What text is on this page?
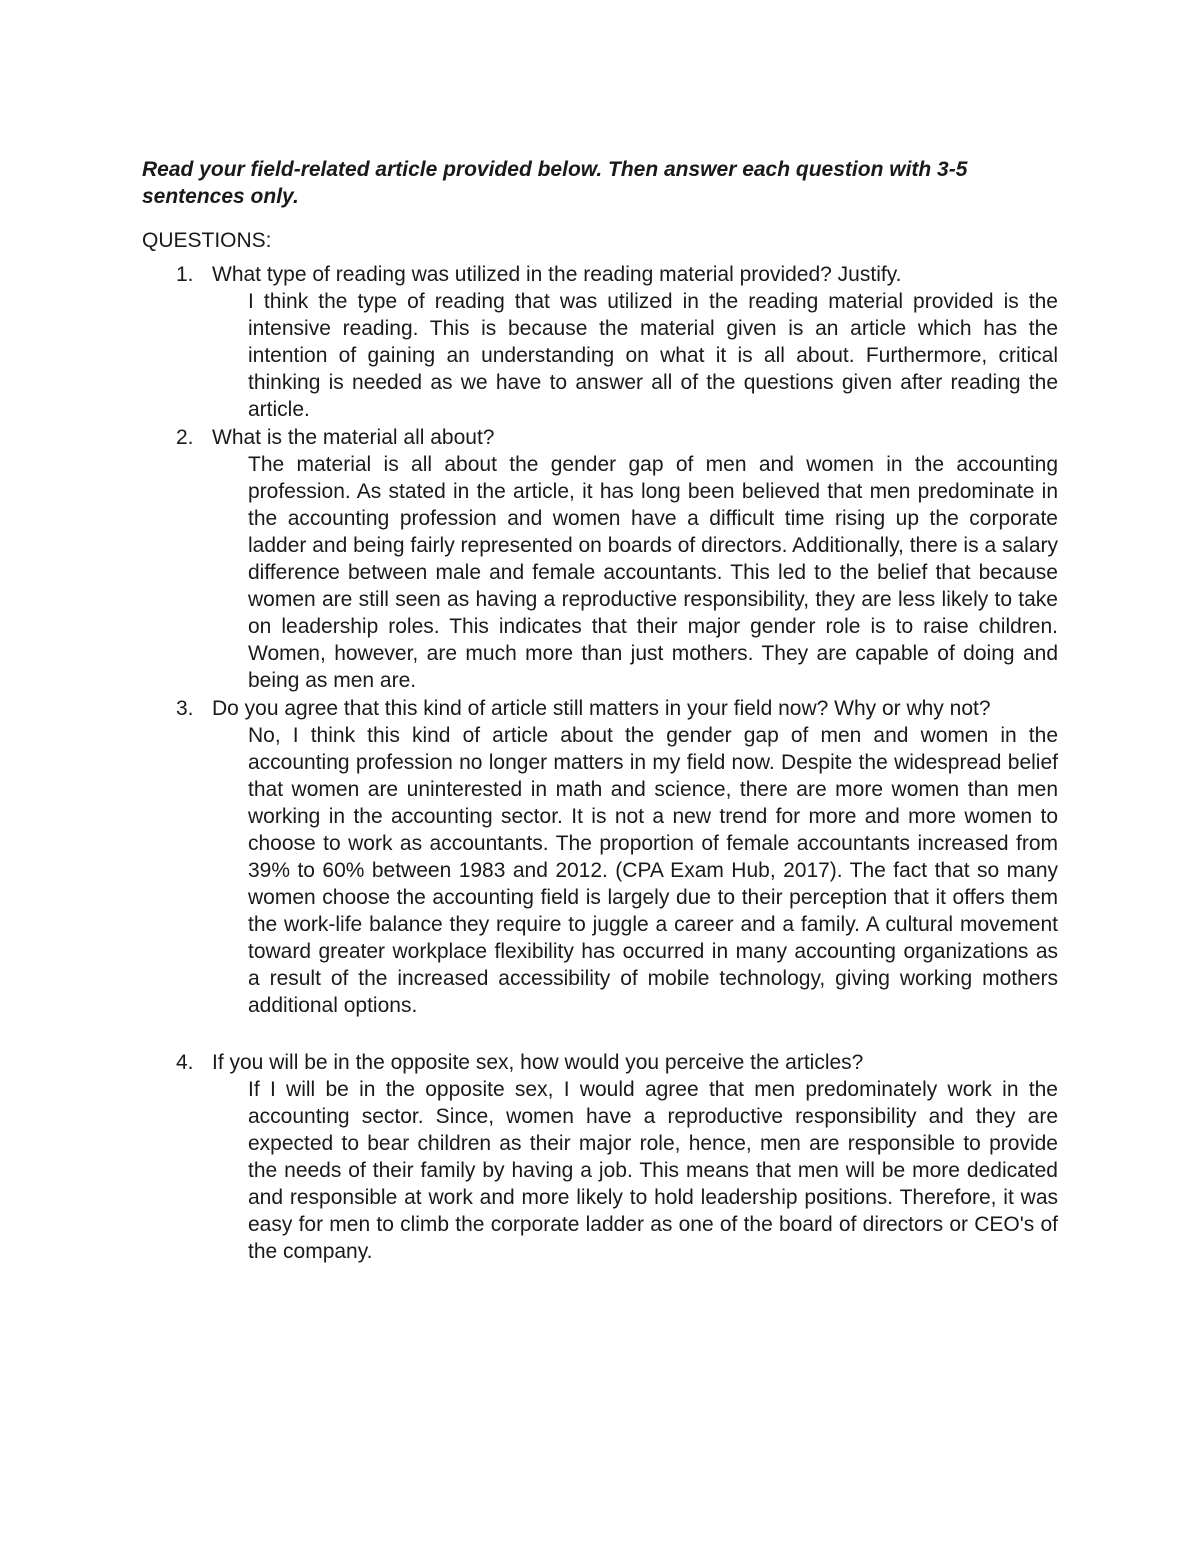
Read your field-related article provided below. Then answer each question with 3-5 sentences only.

QUESTIONS:

1. What type of reading was utilized in the reading material provided? Justify.

I think the type of reading that was utilized in the reading material provided is the intensive reading. This is because the material given is an article which has the intention of gaining an understanding on what it is all about. Furthermore, critical thinking is needed as we have to answer all of the questions given after reading the article.

2. What is the material all about?

The material is all about the gender gap of men and women in the accounting profession. As stated in the article, it has long been believed that men predominate in the accounting profession and women have a difficult time rising up the corporate ladder and being fairly represented on boards of directors. Additionally, there is a salary difference between male and female accountants. This led to the belief that because women are still seen as having a reproductive responsibility, they are less likely to take on leadership roles. This indicates that their major gender role is to raise children. Women, however, are much more than just mothers. They are capable of doing and being as men are.

3. Do you agree that this kind of article still matters in your field now? Why or why not?

No, I think this kind of article about the gender gap of men and women in the accounting profession no longer matters in my field now. Despite the widespread belief that women are uninterested in math and science, there are more women than men working in the accounting sector. It is not a new trend for more and more women to choose to work as accountants. The proportion of female accountants increased from 39% to 60% between 1983 and 2012. (CPA Exam Hub, 2017). The fact that so many women choose the accounting field is largely due to their perception that it offers them the work-life balance they require to juggle a career and a family. A cultural movement toward greater workplace flexibility has occurred in many accounting organizations as a result of the increased accessibility of mobile technology, giving working mothers additional options.

4. If you will be in the opposite sex, how would you perceive the articles?

If I will be in the opposite sex, I would agree that men predominately work in the accounting sector. Since, women have a reproductive responsibility and they are expected to bear children as their major role, hence, men are responsible to provide the needs of their family by having a job. This means that men will be more dedicated and responsible at work and more likely to hold leadership positions. Therefore, it was easy for men to climb the corporate ladder as one of the board of directors or CEO's of the company.
